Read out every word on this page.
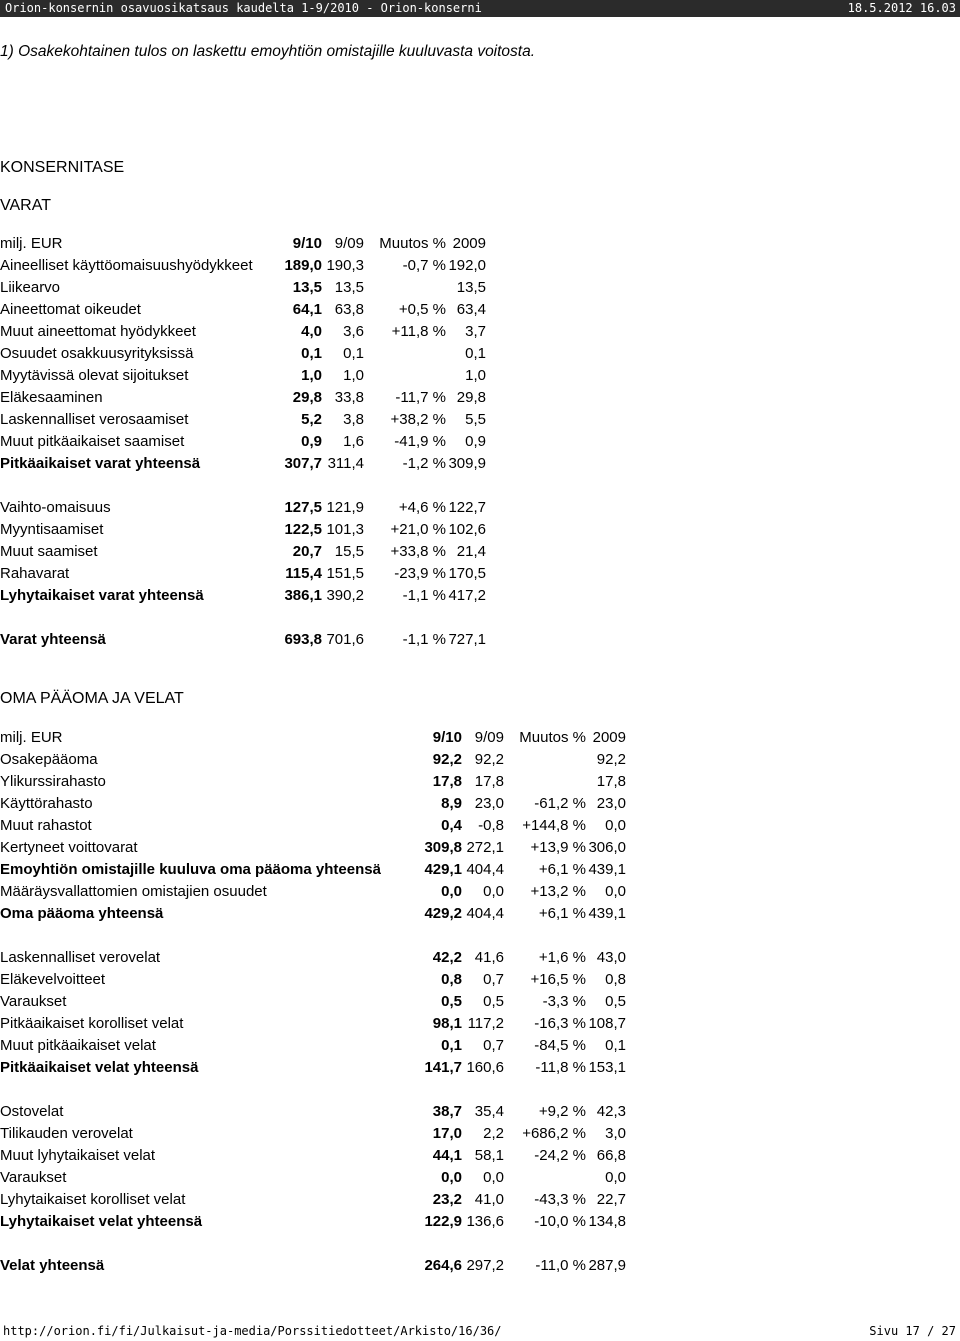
Orion-konsernin osavuosikatsaus kaudelta 1-9/2010 - Orion-konserni	18.5.2012 16.03
1) Osakekohtainen tulos on laskettu emoyhtiön omistajille kuuluvasta voitosta.
KONSERNITASE
VARAT
milj. EUR	9/10 9/09 Muutos % 2009
Aineelliset käyttöomaisuushyödykkeet 189,0 190,3	-0,7 % 192,0
Liikearvo	13,5 13,5	13,5
Aineettomat oikeudet	64,1 63,8 +0,5 % 63,4
Muut aineettomat hyödykkeet	4,0 3,6 +11,8 % 3,7
Osuudet osakkuusyrityksissä	0,1 0,1	0,1
Myytävissä olevat sijoitukset	1,0 1,0	1,0
Eläkesaaminen	29,8 33,8 -11,7 % 29,8
Laskennalliset verosaamiset	5,2 3,8 +38,2 % 5,5
Muut pitkäaikaiset saamiset	0,9 1,6 -41,9 % 0,9
Pitkäaikaiset varat yhteensä	307,7 311,4	-1,2 % 309,9
Vaihto-omaisuus	127,5 121,9 +4,6 % 122,7
Myyntisaamiset	122,5 101,3 +21,0 % 102,6
Muut saamiset	20,7 15,5 +33,8 % 21,4
Rahavarat	115,4 151,5 -23,9 % 170,5
Lyhytaikaiset varat yhteensä	386,1 390,2	-1,1 % 417,2
Varat yhteensä	693,8 701,6	-1,1 % 727,1
OMA PÄÄOMA JA VELAT
milj. EUR	9/10 9/09 Muutos % 2009
Osakepääoma	92,2 92,2	92,2
Ylikurssirahasto	17,8 17,8	17,8
Käyttörahasto	8,9 23,0 -61,2 % 23,0
Muut rahastot	0,4 -0,8 +144,8 % 0,0
Kertyneet voittovarat	309,8 272,1 +13,9 % 306,0
Emoyhtiön omistajille kuuluva oma pääoma yhteensä	429,1 404,4 +6,1 % 439,1
Määräysvallattomien omistajien osuudet	0,0 0,0 +13,2 % 0,0
Oma pääoma yhteensä	429,2 404,4 +6,1 % 439,1
Laskennalliset verovelat	42,2 41,6 +1,6 % 43,0
Eläkevelvoitteet	0,8 0,7 +16,5 % 0,8
Varaukset	0,5 0,5	-3,3 % 0,5
Pitkäaikaiset korolliset velat	98,1 117,2 -16,3 % 108,7
Muut pitkäaikaiset velat	0,1 0,7 -84,5 % 0,1
Pitkäaikaiset velat yhteensä	141,7 160,6 -11,8 % 153,1
Ostovelat	38,7 35,4 +9,2 % 42,3
Tilikauden verovelat	17,0 2,2 +686,2 % 3,0
Muut lyhytaikaiset velat	44,1 58,1 -24,2 % 66,8
Varaukset	0,0 0,0	0,0
Lyhytaikaiset korolliset velat	23,2 41,0 -43,3 % 22,7
Lyhytaikaiset velat yhteensä	122,9 136,6 -10,0 % 134,8
Velat yhteensä	264,6 297,2 -11,0 % 287,9
http://orion.fi/fi/Julkaisut-ja-media/Porssitiedotteet/Arkisto/16/36/	Sivu 17 / 27
